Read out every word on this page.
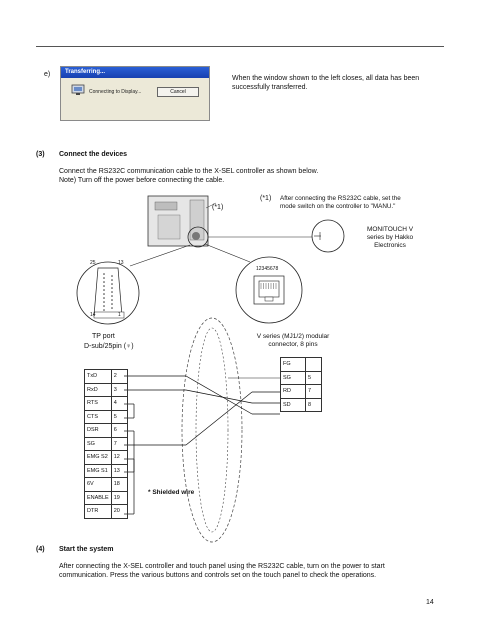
e)	Transferring...
Connecting to Display...	Cancel
When the window shown to the left closes, all data has been successfully transferred.
(3) Connect the devices
Connect the RS232C communication cable to the X-SEL controller as shown below.
Note) Turn off the power before connecting the cable.
(*1)
(*1) After connecting the RS232C cable, set the
mode switch on the controller to "MANU."
MONITOUCH V
series by Hakko
Electronics
25	13
14	1
12345678
TP port
D-sub/25pin (♀)
V series (MJ1/2) modular
connector, 8 pins
TxD	2
RxD	3
RTS	4
CTS	5
DSR	6
SG	7
EMG S2	12
EMG S1	13
6V	18
ENABLE	19
DTR	20
FG	
SG	5
RD	7
SD	8
* Shielded wire
(4) Start the system
After connecting the X-SEL controller and touch panel using the RS232C cable, turn on the power to start
communication. Press the various buttons and controls set on the touch panel to check the operations.
14
